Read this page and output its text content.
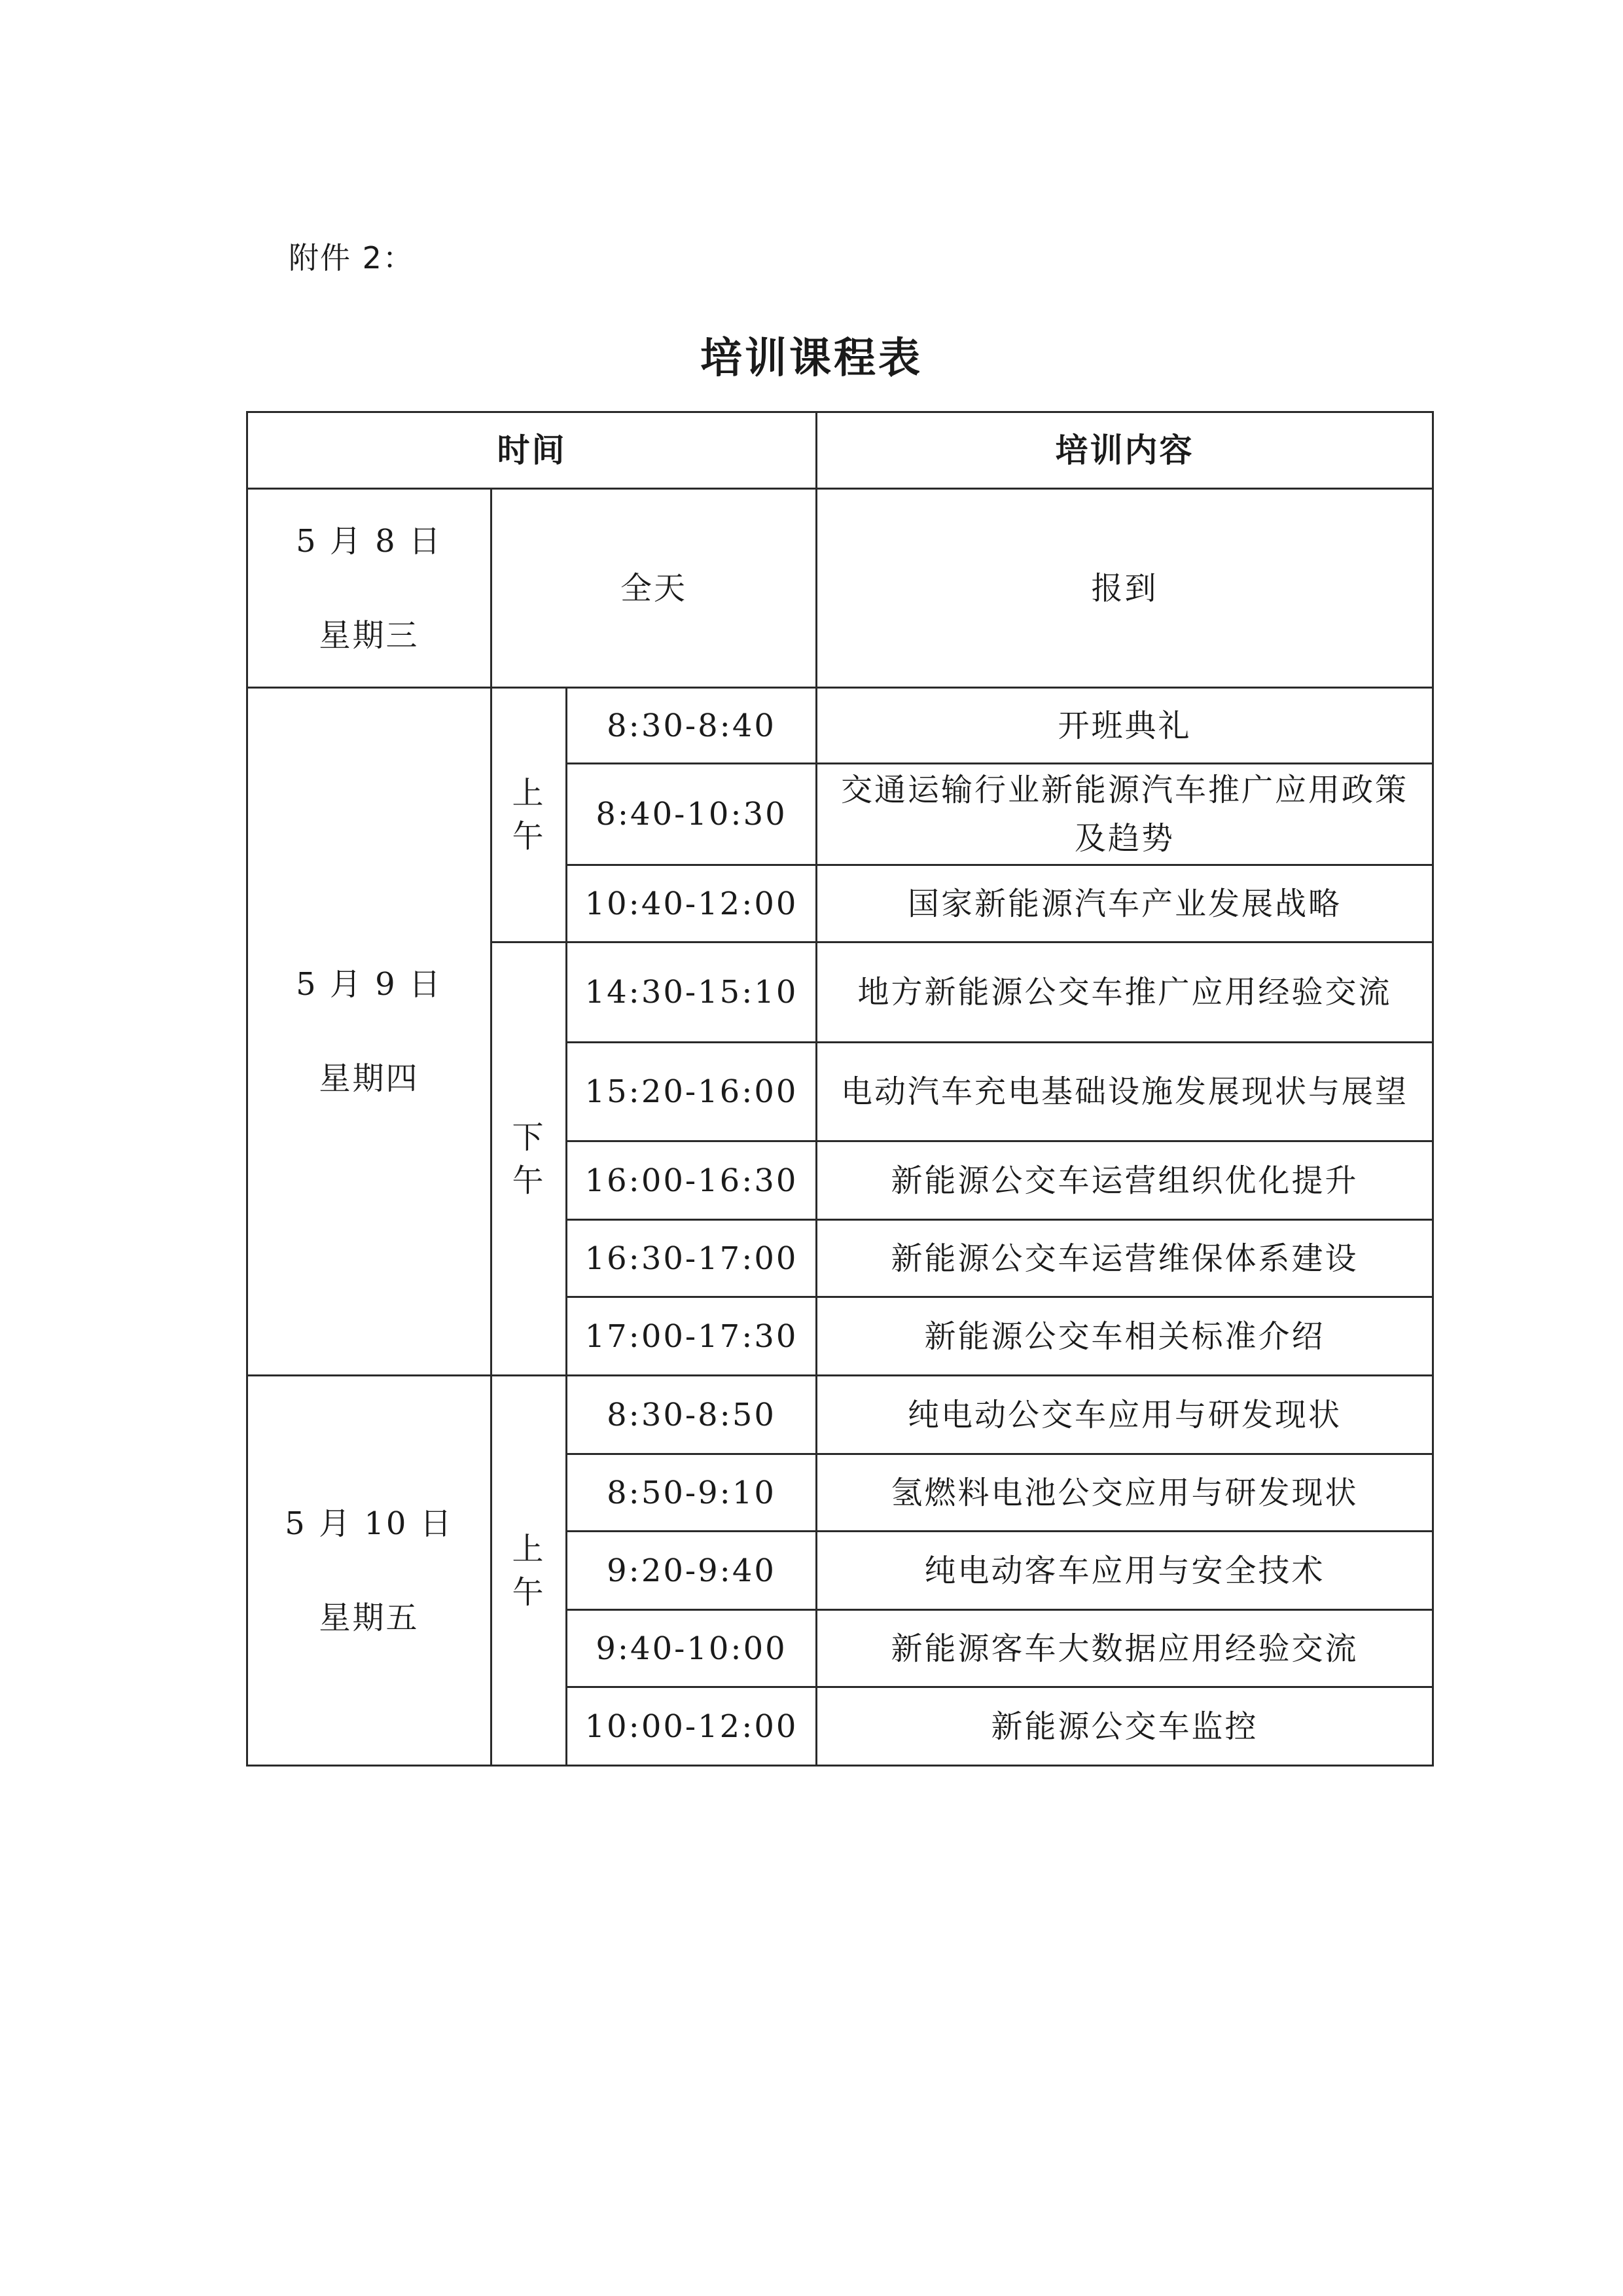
附件 2：
培训课程表
时间			培训内容

5 月 8 日
星期三	全天		报到

5 月 9 日
星期四	上
午	8:30-8:40	开班典礼
		8:40-10:30	交通运输行业新能源汽车推广应用政策及趋势
		10:40-12:00	国家新能源汽车产业发展战略

	下
午	14:30-15:10	地方新能源公交车推广应用经验交流
		15:20-16:00	电动汽车充电基础设施发展现状与展望
		16:00-16:30	新能源公交车运营组织优化提升
		16:30-17:00	新能源公交车运营维保体系建设
		17:00-17:30	新能源公交车相关标准介绍

5 月 10 日
星期五	上
午	8:30-8:50	纯电动公交车应用与研发现状
		8:50-9:10	氢燃料电池公交应用与研发现状
		9:20-9:40	纯电动客车应用与安全技术
		9:40-10:00	新能源客车大数据应用经验交流
		10:00-12:00	新能源公交车监控
